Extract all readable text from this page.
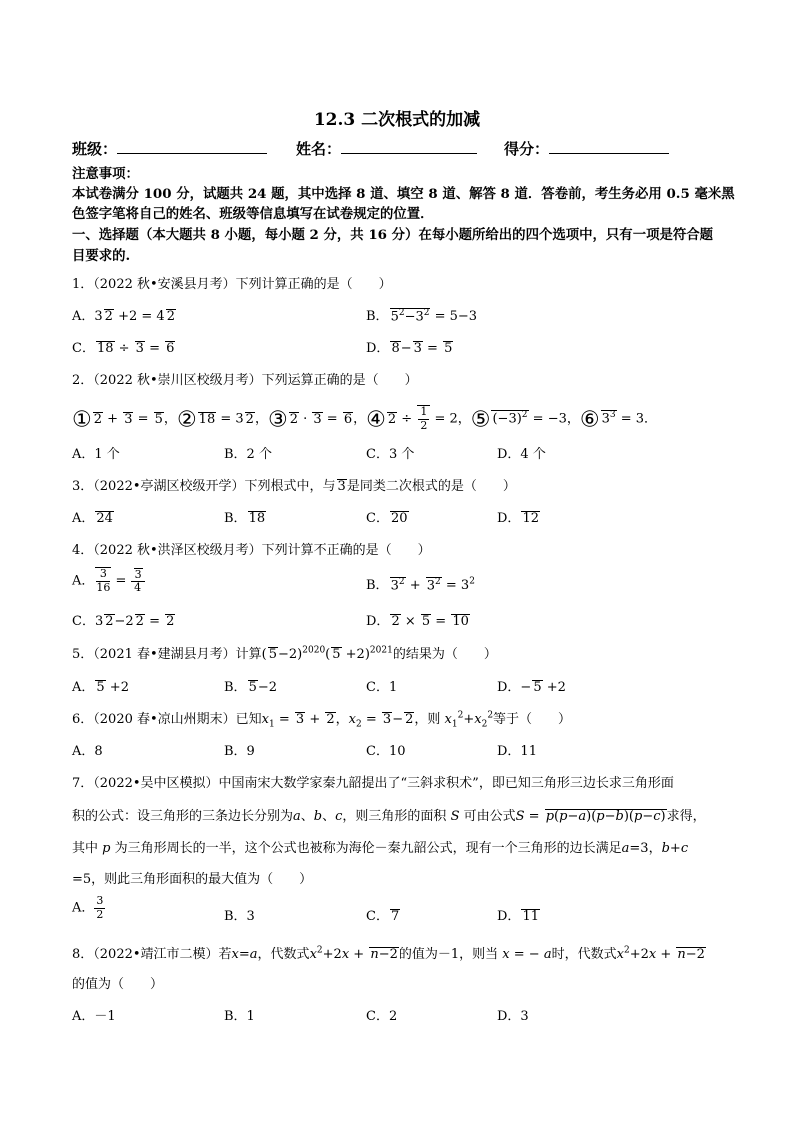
12.3 二次根式的加减
班级：	姓名：	得分：
注意事项：
本试卷满分 100 分，试题共 24 题，其中选择 8 道、填空 8 道、解答 8 道．答卷前，考生务必用 0.5 毫米黑
色签字笔将自己的姓名、班级等信息填写在试卷规定的位置．
一、选择题（本大题共 8 小题，每小题 2 分，共 16 分）在每小题所给出的四个选项中，只有一项是符合题
目要求的.
1．（2022 秋•安溪县月考）下列计算正确的是（　　）
A．3 2 +2 = 4 2	B． $5^2-3^2 = 5-3$
C． 18 ÷ 3 = 6	D． 8− 3 = 5
2．（2022 秋•崇川区校级月考）下列运算正确的是（　　）
① 2 + 3 = 5，② 18 = 3 2，③ 2 · 3 = 6，④ $2 \div \frac{1}{2} = 2$，⑤ $(-3)^2 = -3$，⑥ $3^3 = 3$．
A．1 个	B．2 个	C．3 个	D．4 个
3．（2022•亭湖区校级开学）下列根式中，与 3是同类二次根式的是（　　）
A． 24	B． 18	C． 20	D． 12
4．（2022 秋•洪泽区校级月考）下列计算不正确的是（　　）
A． $\frac{3}{16} = \frac{3}{4}$	B． $3^2 + 3^2 = 3^2$
C．3 2−2 2 = 2	D． 2 × 5 = 10
5．（2021 春•建湖县月考）计算( 5−2)$^{2020}$( 5 +2)$^{2021}$的结果为（　　）
A． 5 +2	B． 5−2	C．1	D．− 5 +2
6．（2020 春•凉山州期末）已知$x_1 = 3 + 2$，$x_2 = 3- 2$，则 $x_1^2+x_2^2$等于（　　）
A．8	B．9	C．10	D．11
7．（2022•吴中区模拟）中国南宋大数学家秦九韶提出了“三斜求积术”，即已知三角形三边长求三角形面
积的公式：设三角形的三条边长分别为a、b、c，则三角形的面积 S 可由公式S = p(p−a)(p−b)(p−c)求得，
其中 p 为三角形周长的一半，这个公式也被称为海伦－秦九韶公式，现有一个三角形的边长满足a=3，b+c
=5，则此三角形面积的最大值为（　　）
A． $\frac{3}{2}$	B．3	C． 7	D． 11
8．（2022•靖江市二模）若x=a，代数式$x^2+2x + n-2$的值为－1，则当 x = − a时，代数式$x^2+2x + n-2$
的值为（　　）
A．－1	B．1	C．2	D．3
